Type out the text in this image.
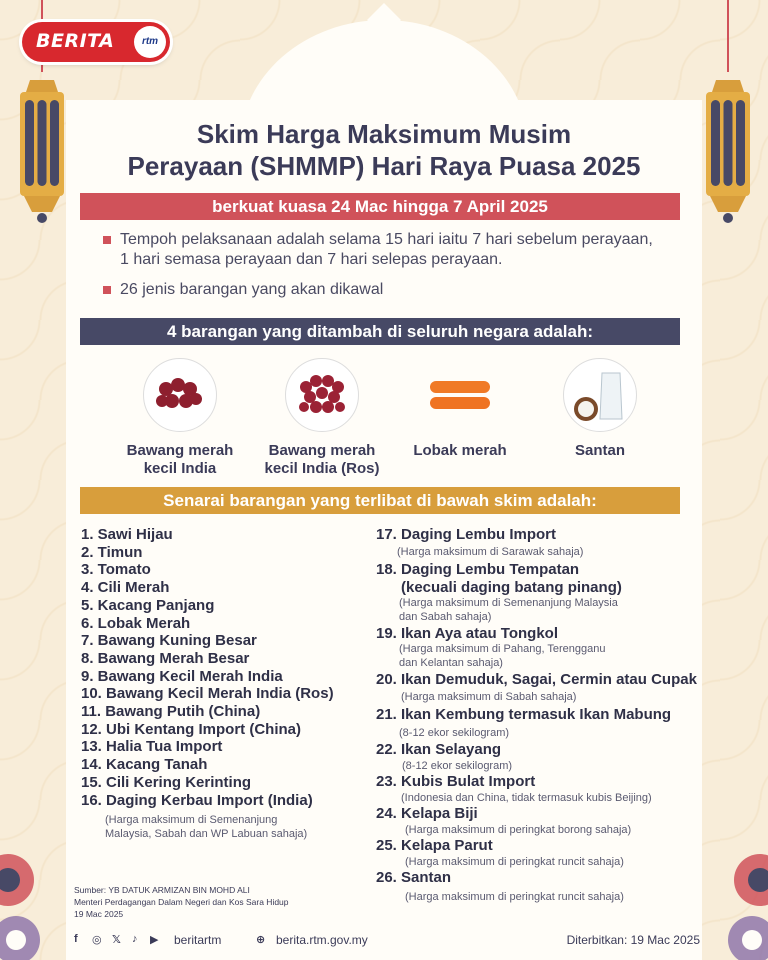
BERITA	rtm
Skim Harga Maksimum Musim
Perayaan (SHMMP) Hari Raya Puasa 2025
berkuat kuasa 24 Mac hingga 7 April 2025
Tempoh pelaksanaan adalah selama 15 hari iaitu 7 hari sebelum perayaan, 1 hari semasa perayaan dan 7 hari selepas perayaan.
26 jenis barangan yang akan dikawal
4 barangan yang ditambah di seluruh negara adalah:
Bawang merah
kecil India
Bawang merah
kecil India (Ros)
Lobak merah	Santan
Senarai barangan yang terlibat di bawah skim adalah:
1. Sawi Hijau
2. Timun
3. Tomato
4. Cili Merah
5. Kacang Panjang
6. Lobak Merah
7. Bawang Kuning Besar
8. Bawang Merah Besar
9. Bawang Kecil Merah India
10. Bawang Kecil Merah India (Ros)
11. Bawang Putih (China)
12. Ubi Kentang Import (China)
13. Halia Tua Import
14. Kacang Tanah
15. Cili Kering Kerinting
16. Daging Kerbau Import (India)
(Harga maksimum di Semenanjung
Malaysia, Sabah dan WP Labuan sahaja)
17. Daging Lembu Import
(Harga maksimum di Sarawak sahaja)
18. Daging Lembu Tempatan
(kecuali daging batang pinang)
(Harga maksimum di Semenanjung Malaysia
dan Sabah sahaja)
19. Ikan Aya atau Tongkol
(Harga maksimum di Pahang, Terengganu
dan Kelantan sahaja)
20. Ikan Demuduk, Sagai, Cermin atau Cupak
(Harga maksimum di Sabah sahaja)
21. Ikan Kembung termasuk Ikan Mabung
(8-12 ekor sekilogram)
22. Ikan Selayang
(8-12 ekor sekilogram)
23. Kubis Bulat Import
(Indonesia dan China, tidak termasuk kubis Beijing)
24. Kelapa Biji
(Harga maksimum di peringkat borong sahaja)
25. Kelapa Parut
(Harga maksimum di peringkat runcit sahaja)
26. Santan
(Harga maksimum di peringkat runcit sahaja)
Sumber: YB DATUK ARMIZAN BIN MOHD ALI
Menteri Perdagangan Dalam Negeri dan Kos Sara Hidup
19 Mac 2025
f ◎ 𝕏 ♪ ▶ beritartm	⊕ berita.rtm.gov.my	Diterbitkan: 19 Mac 2025
